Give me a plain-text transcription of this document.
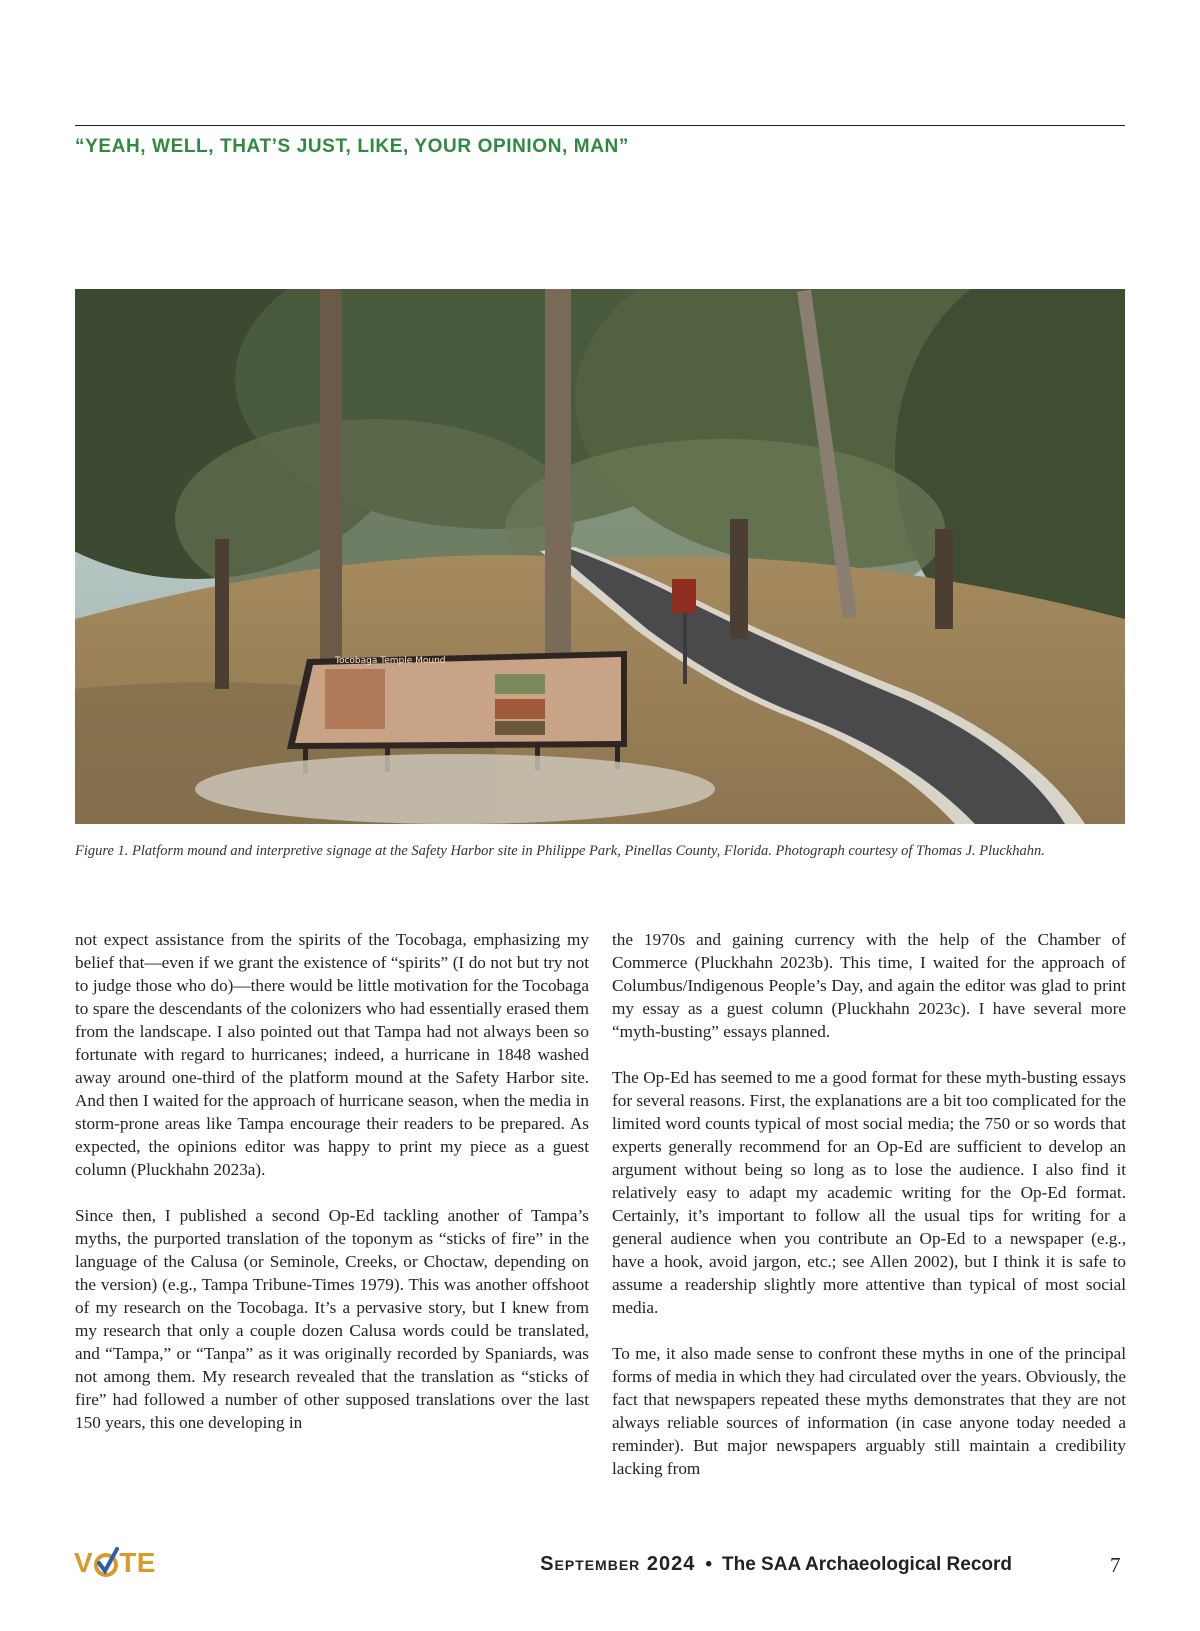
“YEAH, WELL, THAT’S JUST, LIKE, YOUR OPINION, MAN”
Tocobaga Temple Mound
Figure 1. Platform mound and interpretive signage at the Safety Harbor site in Philippe Park, Pinellas County, Florida. Photograph courtesy of Thomas J. Pluckhahn.

not expect assistance from the spirits of the Tocobaga, emphasizing my belief that—even if we grant the existence of “spirits” (I do not but try not to judge those who do)—there would be little motivation for the Tocobaga to spare the descendants of the colonizers who had essentially erased them from the landscape. I also pointed out that Tampa had not always been so fortunate with regard to hurricanes; indeed, a hurricane in 1848 washed away around one-third of the platform mound at the Safety Harbor site. And then I waited for the approach of hurricane season, when the media in storm-prone areas like Tampa encourage their readers to be prepared. As expected, the opinions editor was happy to print my piece as a guest column (Pluckhahn 2023a).

Since then, I published a second Op-Ed tackling another of Tampa’s myths, the purported translation of the toponym as “sticks of fire” in the language of the Calusa (or Seminole, Creeks, or Choctaw, depending on the version) (e.g., Tampa Tribune-Times 1979). This was another offshoot of my research on the Tocobaga. It’s a pervasive story, but I knew from my research that only a couple dozen Calusa words could be translated, and “Tampa,” or “Tanpa” as it was originally recorded by Spaniards, was not among them. My research revealed that the translation as “sticks of fire” had followed a number of other supposed translations over the last 150 years, this one developing in

the 1970s and gaining currency with the help of the Chamber of Commerce (Pluckhahn 2023b). This time, I waited for the approach of Columbus/Indigenous People’s Day, and again the editor was glad to print my essay as a guest column (Pluckhahn 2023c). I have several more “myth-busting” essays planned.

The Op-Ed has seemed to me a good format for these myth-busting essays for several reasons. First, the explanations are a bit too complicated for the limited word counts typical of most social media; the 750 or so words that experts generally recommend for an Op-Ed are sufficient to develop an argument without being so long as to lose the audience. I also find it relatively easy to adapt my academic writing for the Op-Ed format. Certainly, it’s important to follow all the usual tips for writing for a general audience when you contribute an Op-Ed to a newspaper (e.g., have a hook, avoid jargon, etc.; see Allen 2002), but I think it is safe to assume a readership slightly more attentive than typical of most social media.

To me, it also made sense to confront these myths in one of the principal forms of media in which they had circulated over the years. Obviously, the fact that newspapers repeated these myths demonstrates that they are not always reliable sources of information (in case anyone today needed a reminder). But major newspapers arguably still maintain a credibility lacking from

V TE	September 2024 • The SAA Archaeological Record	7
